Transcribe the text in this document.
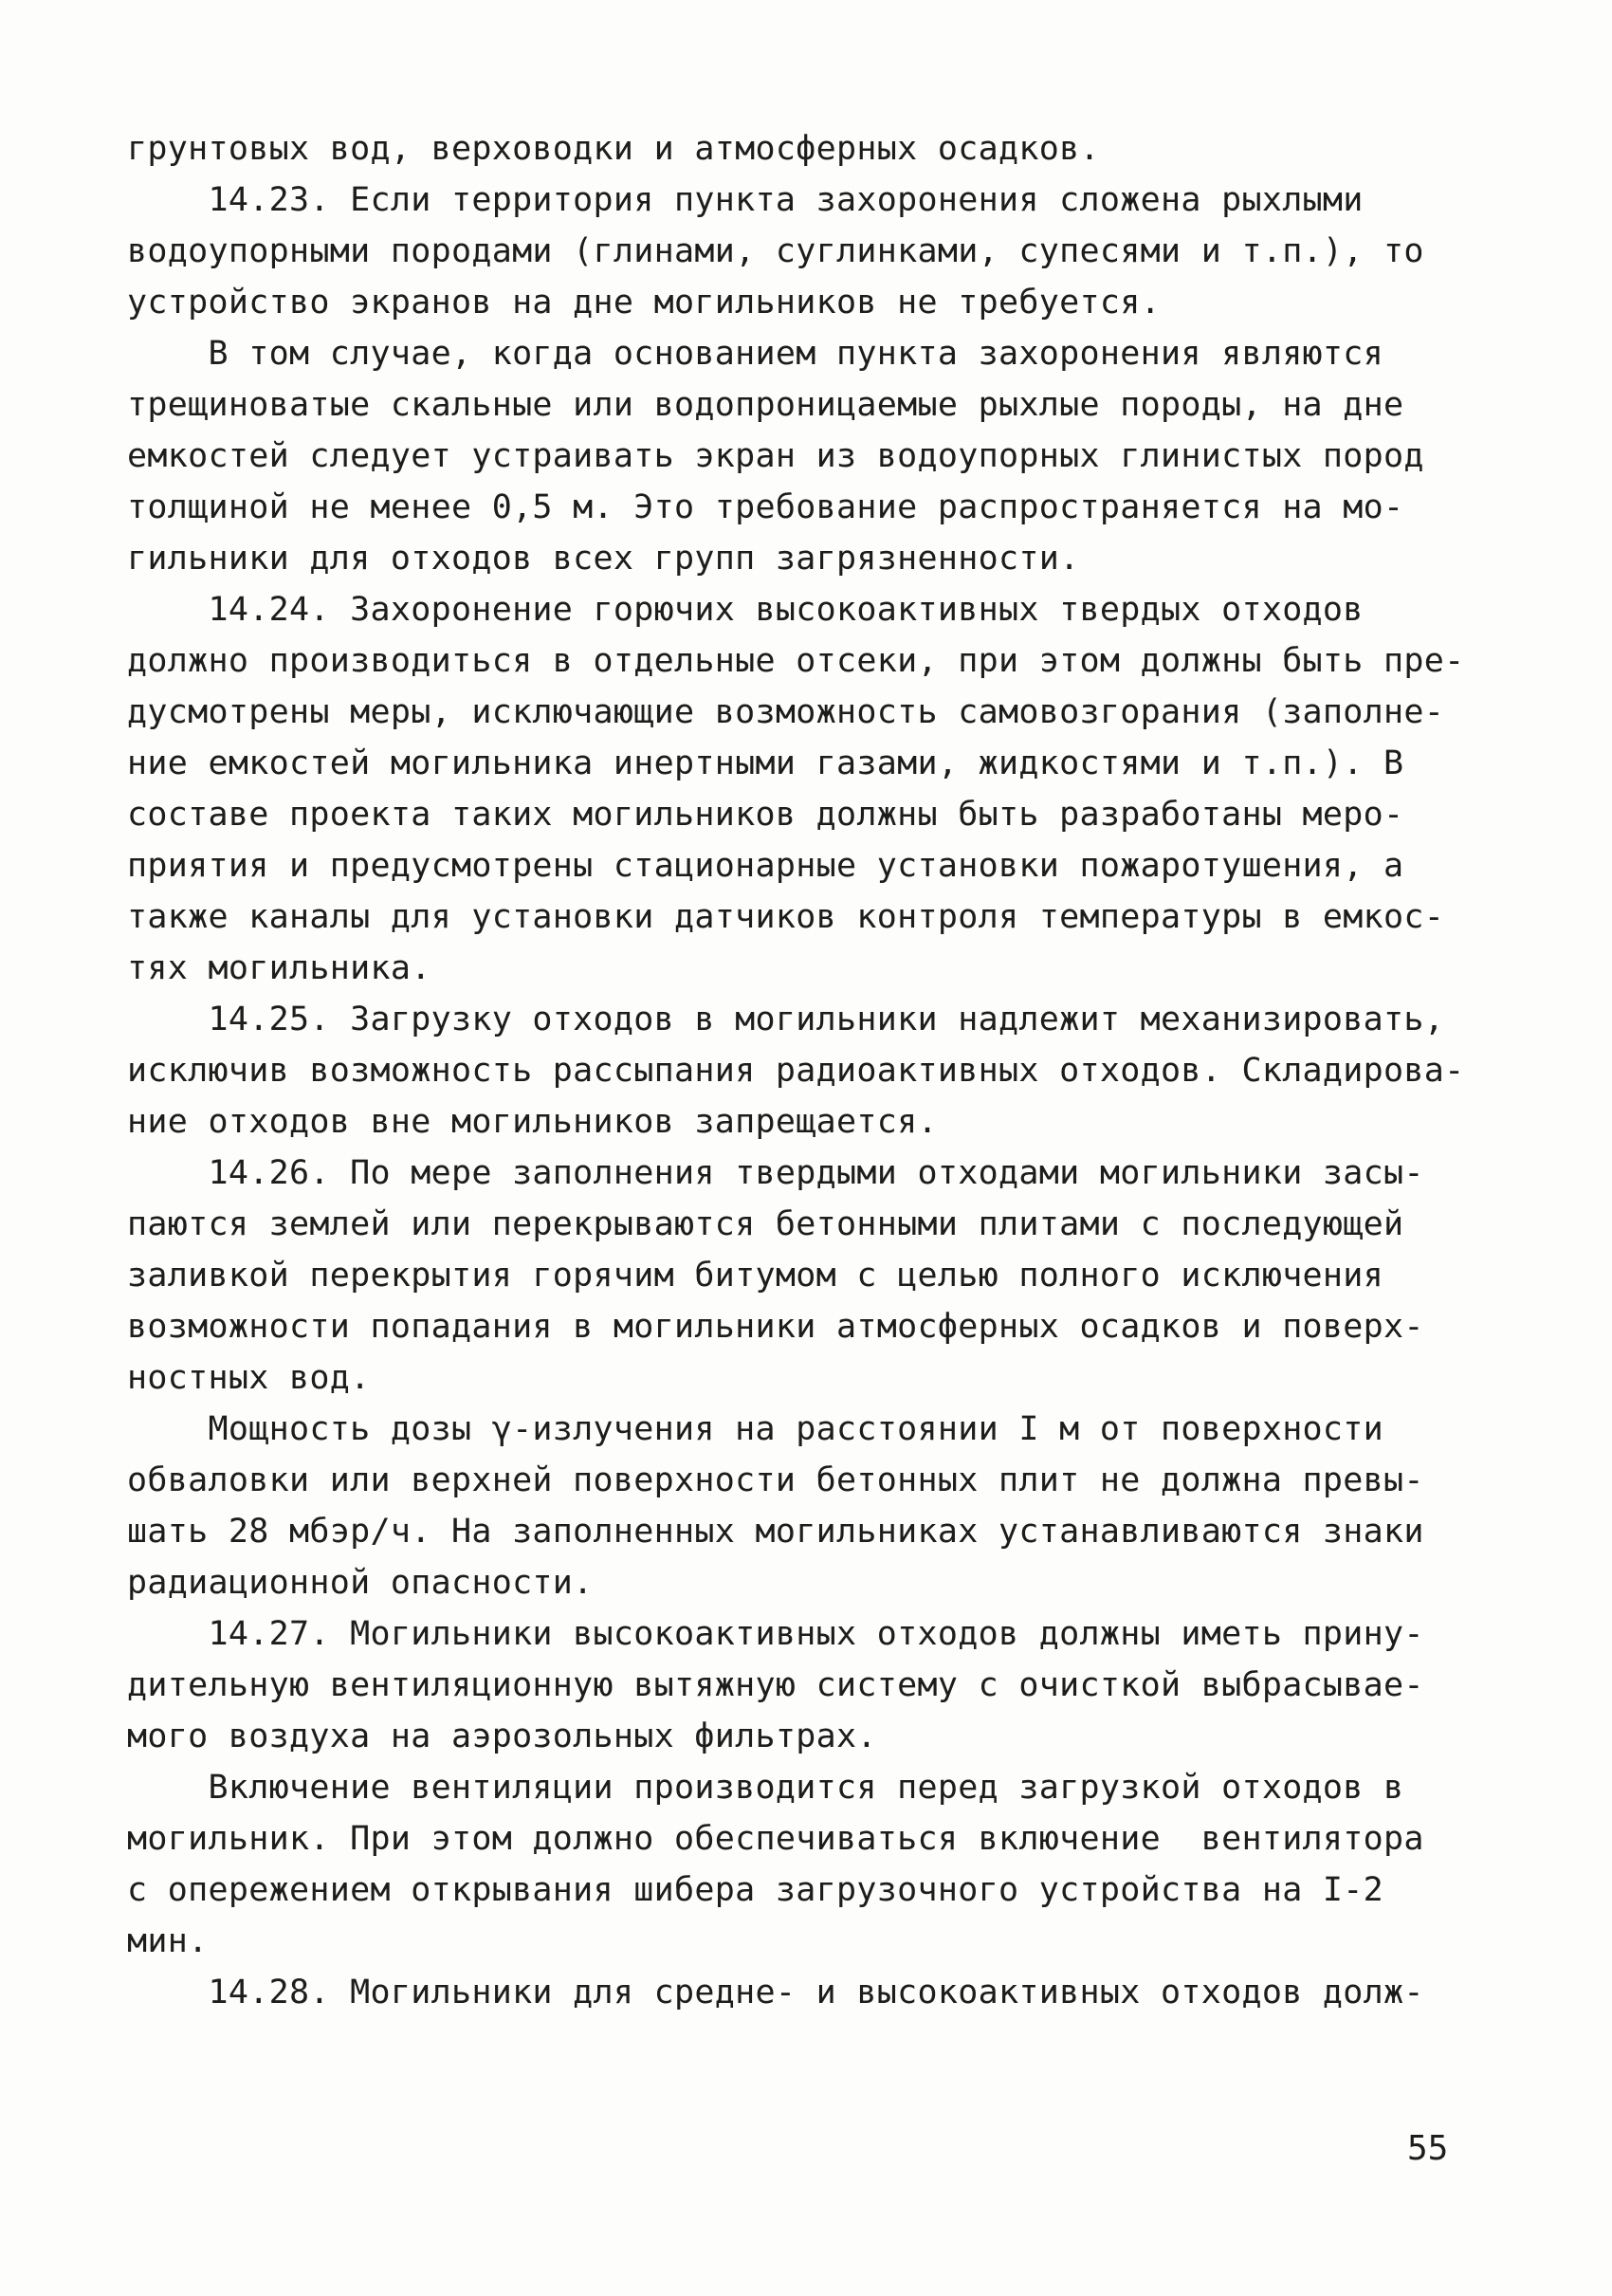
грунтовых вод, верховодки и атмосферных осадков.
14.23. Если территория пункта захоронения сложена рыхлыми
водоупорными породами (глинами, суглинками, супесями и т.п.), то
устройство экранов на дне могильников не требуется.
В том случае, когда основанием пункта захоронения являются
трещиноватые скальные или водопроницаемые рыхлые породы, на дне
емкостей следует устраивать экран из водоупорных глинистых пород
толщиной не менее 0,5 м. Это требование распространяется на мо-
гильники для отходов всех групп загрязненности.
14.24. Захоронение горючих высокоактивных твердых отходов
должно производиться в отдельные отсеки, при этом должны быть пре-
дусмотрены меры, исключающие возможность самовозгорания (заполне-
ние емкостей могильника инертными газами, жидкостями и т.п.). В
составе проекта таких могильников должны быть разработаны меро-
приятия и предусмотрены стационарные установки пожаротушения, а
также каналы для установки датчиков контроля температуры в емкос-
тях могильника.
14.25. Загрузку отходов в могильники надлежит механизировать,
исключив возможность рассыпания радиоактивных отходов. Складирова-
ние отходов вне могильников запрещается.
14.26. По мере заполнения твердыми отходами могильники засы-
паются землей или перекрываются бетонными плитами с последующей
заливкой перекрытия горячим битумом с целью полного исключения
возможности попадания в могильники атмосферных осадков и поверх-
ностных вод.
Мощность дозы γ-излучения на расстоянии I м от поверхности
обваловки или верхней поверхности бетонных плит не должна превы-
шать 28 мбэр/ч. На заполненных могильниках устанавливаются знаки
радиационной опасности.
14.27. Могильники высокоактивных отходов должны иметь прину-
дительную вентиляционную вытяжную систему с очисткой выбрасывае-
мого воздуха на аэрозольных фильтрах.
Включение вентиляции производится перед загрузкой отходов в
могильник. При этом должно обеспечиваться включение  вентилятора
с опережением открывания шибера загрузочного устройства на I-2
мин.
14.28. Могильники для средне- и высокоактивных отходов долж-
55
